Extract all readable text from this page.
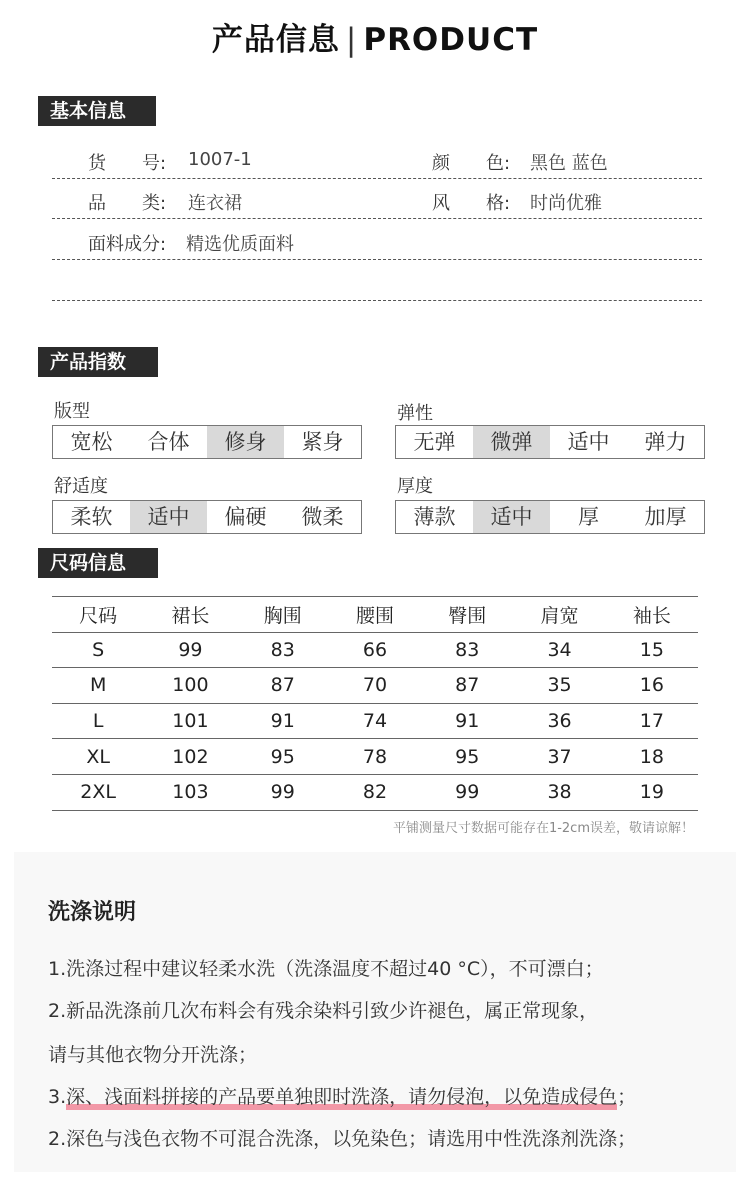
产品信息 | PRODUCT
基本信息
货　　号: 1007-1	颜　　色: 黑色 蓝色
品　　类: 连衣裙	风　　格: 时尚优雅
面料成分: 精选优质面料
产品指数
版型
宽松	合体	修身	紧身
弹性
无弹	微弹	适中	弹力
舒适度
柔软	适中	偏硬	微柔
厚度
薄款	适中	厚	加厚
尺码信息
尺码	裙长	胸围	腰围	臀围	肩宽	袖长
S	99	83	66	83	34	15
M	100	87	70	87	35	16
L	101	91	74	91	36	17
XL	102	95	78	95	37	18
2XL	103	99	82	99	38	19
平铺测量尺寸数据可能存在1-2cm误差，敬请谅解！
洗涤说明
1.洗涤过程中建议轻柔水洗（洗涤温度不超过40 °C），不可漂白；
2.新品洗涤前几次布料会有残余染料引致少许褪色，属正常现象，
请与其他衣物分开洗涤；
3.深、浅面料拼接的产品要单独即时洗涤，请勿侵泡，以免造成侵色；
2.深色与浅色衣物不可混合洗涤，以免染色；请选用中性洗涤剂洗涤；
